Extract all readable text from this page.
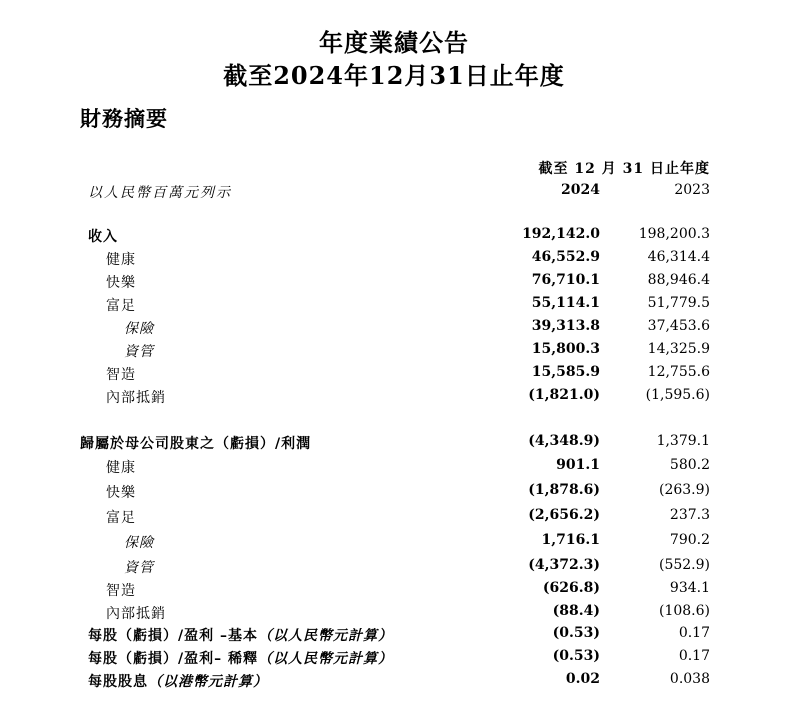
年度業績公告
截至2024年12月31日止年度
財務摘要
截至 12 月 31 日止年度
以人民幣百萬元列示	2024	2023
收入	192,142.0	198,200.3
健康	46,552.9	46,314.4
快樂	76,710.1	88,946.4
富足	55,114.1	51,779.5
保險	39,313.8	37,453.6
資管	15,800.3	14,325.9
智造	15,585.9	12,755.6
內部抵銷	(1,821.0)	(1,595.6)
歸屬於母公司股東之（虧損）/利潤	(4,348.9)	1,379.1
健康	901.1	580.2
快樂	(1,878.6)	(263.9)
富足	(2,656.2)	237.3
保險	1,716.1	790.2
資管	(4,372.3)	(552.9)
智造	(626.8)	934.1
內部抵銷	(88.4)	(108.6)
每股（虧損）/盈利 –基本（以人民幣元計算）	(0.53)	0.17
每股（虧損）/盈利– 稀釋（以人民幣元計算）	(0.53)	0.17
每股股息（以港幣元計算）	0.02	0.038
